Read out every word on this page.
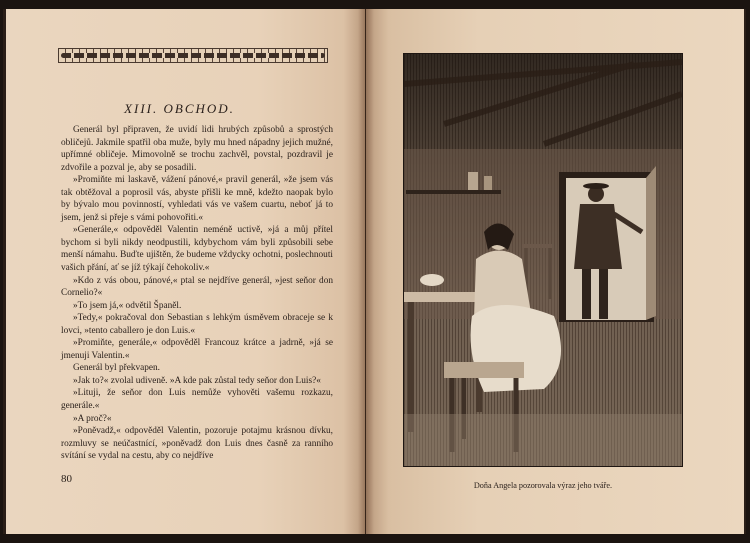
XIII. OBCHOD.

Generál byl připraven, že uvidí lidi hrubých způsobů a sprostých obličejů. Jakmile spatřil oba muže, byly mu hned nápadny jejich mužné, upřímné obličeje. Mimovolně se trochu zachvěl, povstal, pozdravil je zdvořile a pozval je, aby se posadili.

»Promiňte mi laskavě, vážení pánové,« pravil generál, »že jsem vás tak obtěžoval a poprosil vás, abyste přišli ke mně, kdežto naopak bylo by bývalo mou povinností, vyhledati vás ve vašem cuartu, neboť já to jsem, jenž si přeje s vámi pohovořiti.«

»Generále,« odpověděl Valentin neméně uctivě, »já a můj přítel bychom si byli nikdy neodpustili, kdybychom vám byli způsobili sebe menší námahu. Buďte ujištěn, že budeme vždycky ochotni, poslechnouti vašich přání, ať se jíž týkají čehokoliv.«

»Kdo z vás obou, pánové,« ptal se nejdříve generál, »jest seňor don Cornelio?«

»To jsem já,« odvětil Španěl.

»Tedy,« pokračoval don Sebastian s lehkým úsměvem obraceje se k lovci, »tento caballero je don Luis.«

»Promiňte, generále,« odpověděl Francouz krátce a jadrně, »já se jmenuji Valentin.«

Generál byl překvapen.

»Jak to?« zvolal udiveně. »A kde pak zůstal tedy seňor don Luis?«

»Lituji, že seňor don Luis nemůže vyhověti vašemu rozkazu, generále.«

»A proč?«

»Poněvadž,« odpověděl Valentin, pozoruje potajmu krásnou dívku, rozmluvy se neúčastnící, »poněvadž don Luis dnes časně za ranního svítání se vydal na cestu, aby co nejdříve

80
Doňa Angela pozorovala výraz jeho tváře.
